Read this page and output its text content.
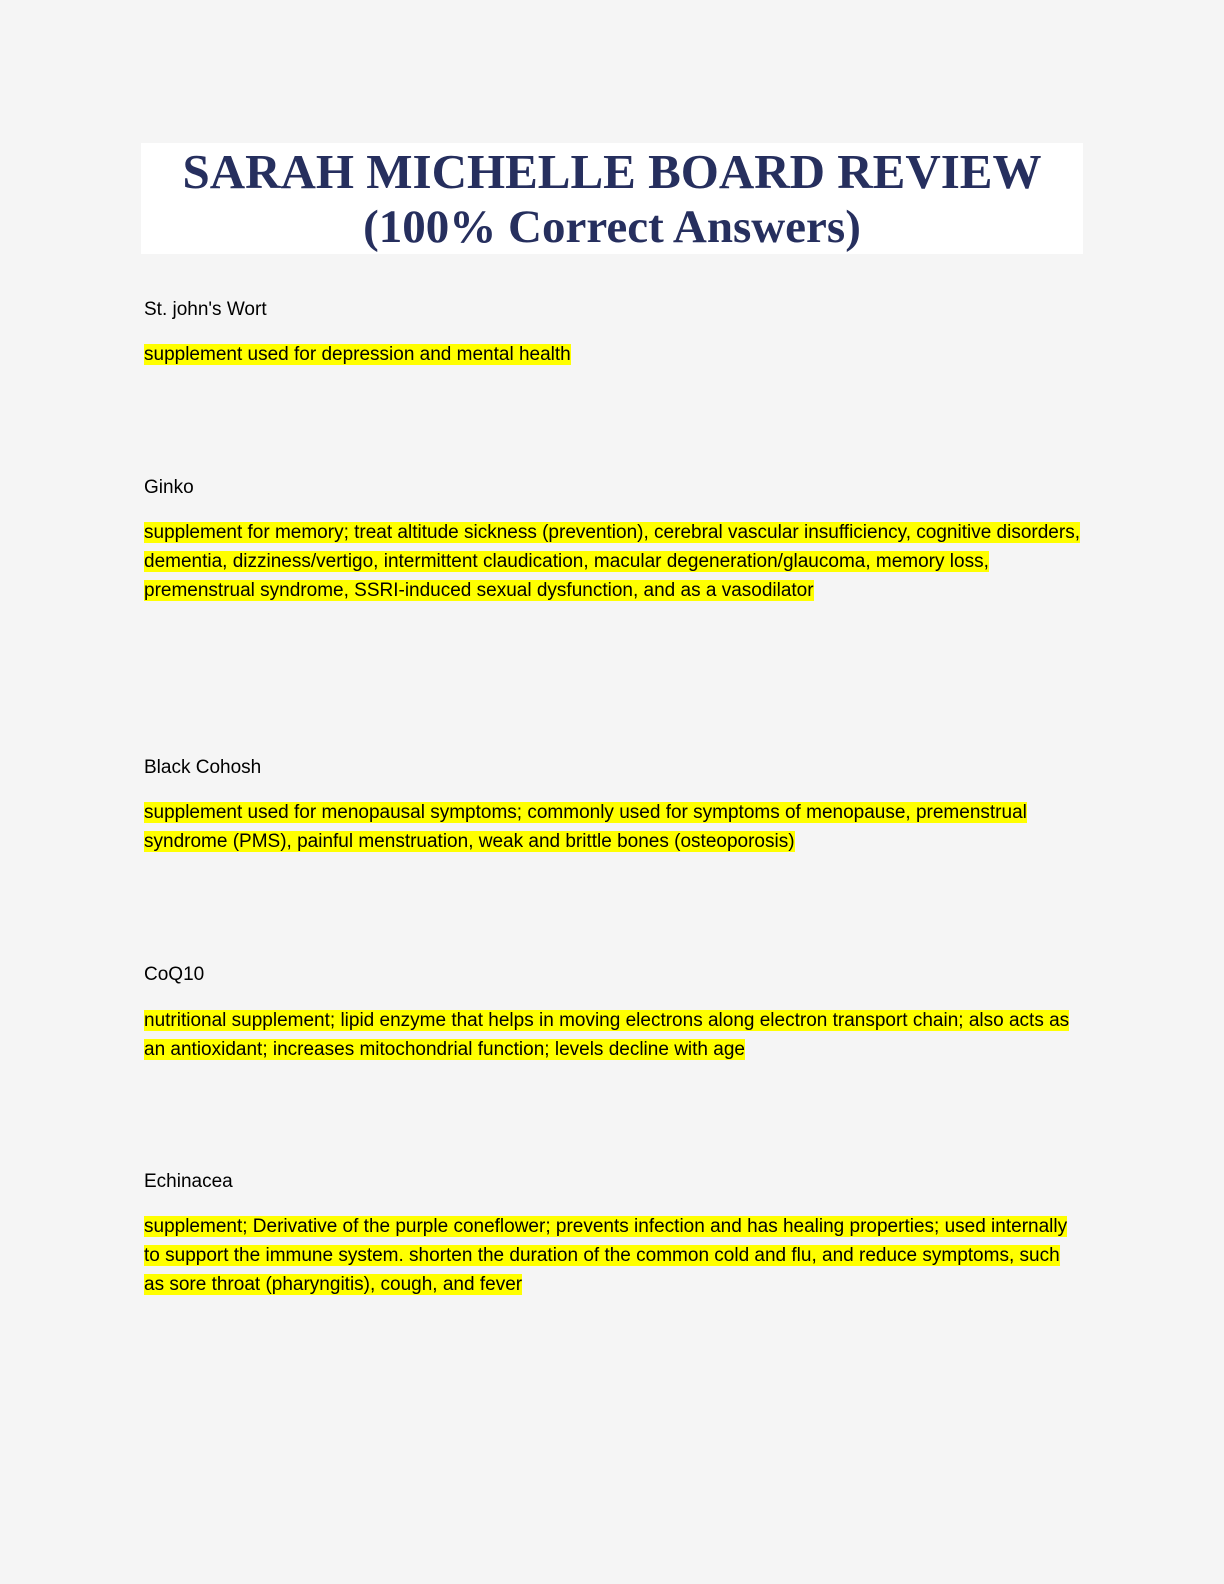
SARAH MICHELLE BOARD REVIEW
(100% Correct Answers)
St. john's Wort
supplement used for depression and mental health
Ginko
supplement for memory; treat altitude sickness (prevention), cerebral vascular insufficiency, cognitive disorders, dementia, dizziness/vertigo, intermittent claudication, macular degeneration/glaucoma, memory loss, premenstrual syndrome, SSRI-induced sexual dysfunction, and as a vasodilator
Black Cohosh
supplement used for menopausal symptoms; commonly used for symptoms of menopause, premenstrual syndrome (PMS), painful menstruation, weak and brittle bones (osteoporosis)
CoQ10
nutritional supplement; lipid enzyme that helps in moving electrons along electron transport chain; also acts as an antioxidant; increases mitochondrial function; levels decline with age
Echinacea
supplement; Derivative of the purple coneflower; prevents infection and has healing properties; used internally to support the immune system. shorten the duration of the common cold and flu, and reduce symptoms, such as sore throat (pharyngitis), cough, and fever
